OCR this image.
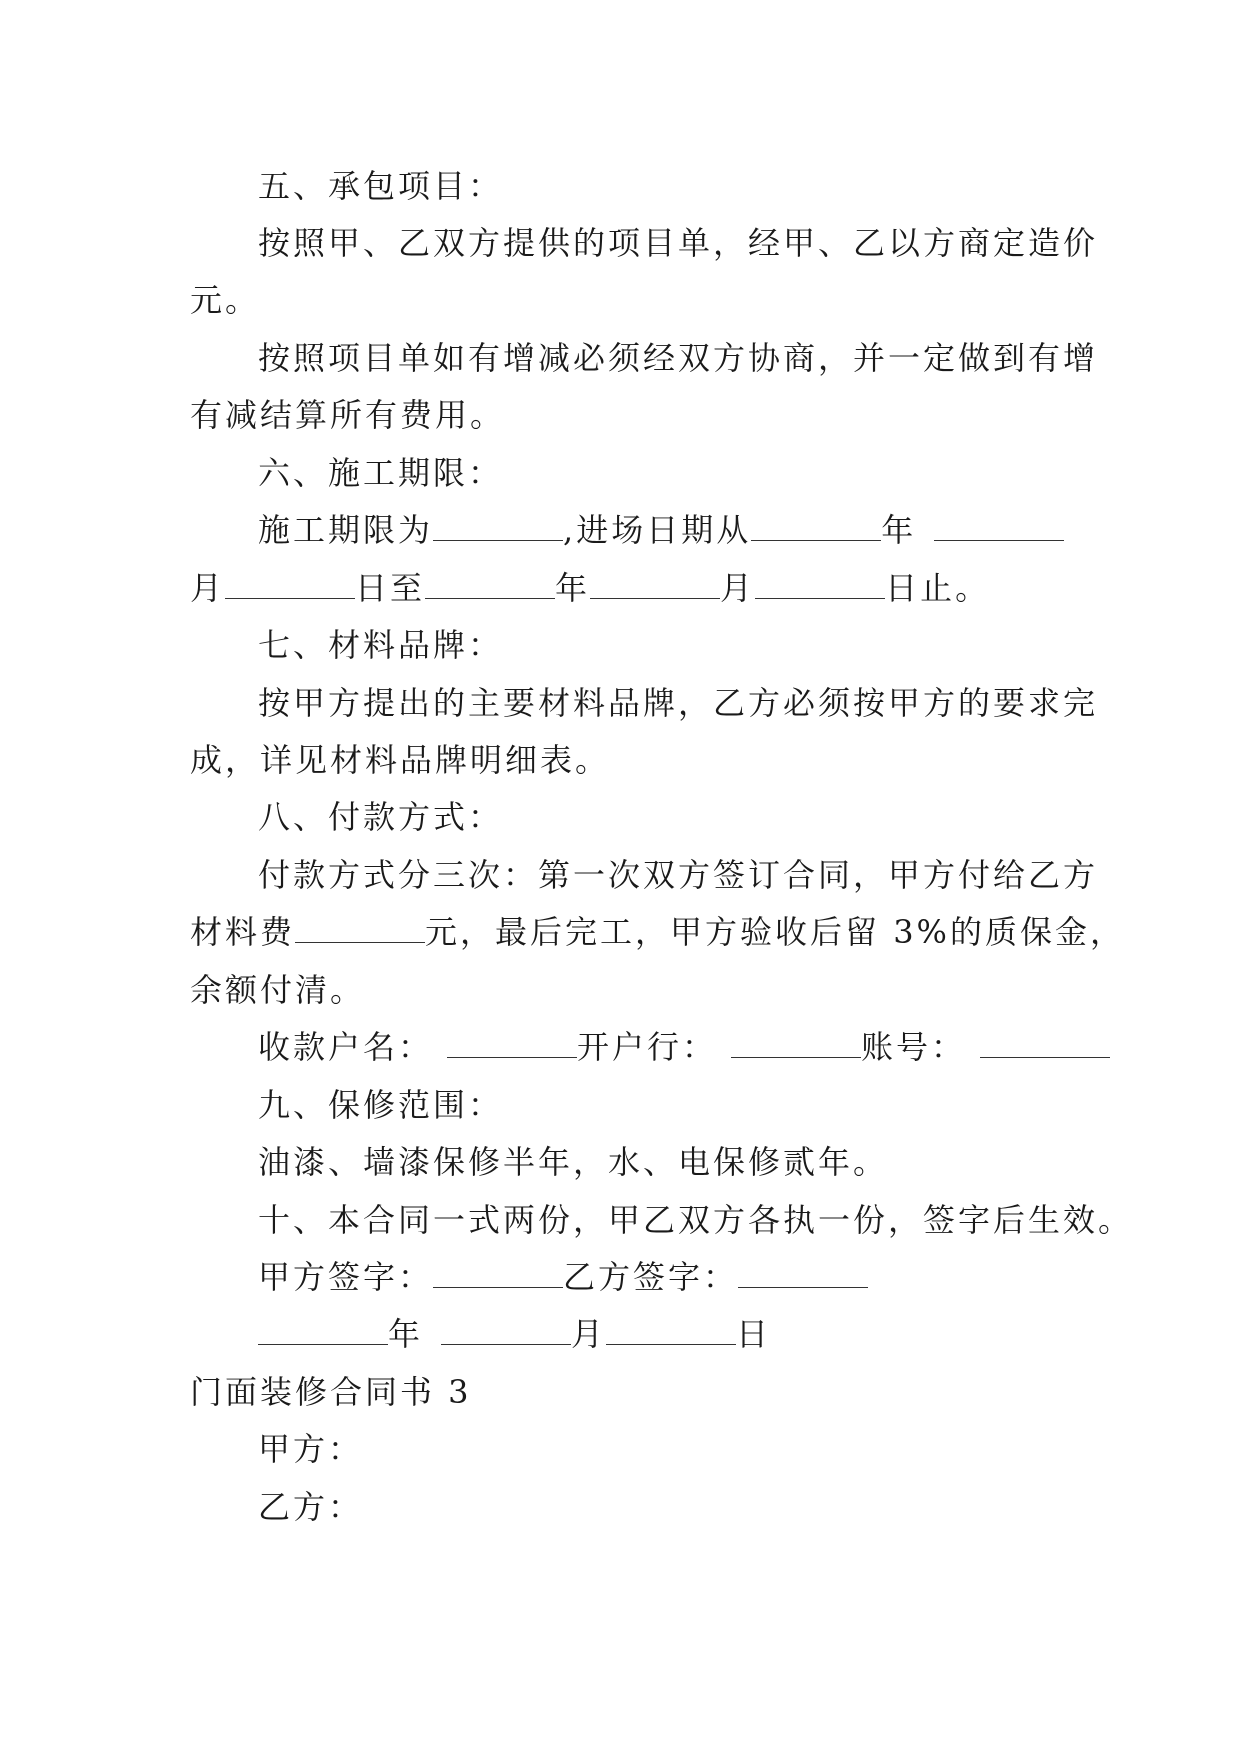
五、承包项目：
按照甲、乙双方提供的项目单，经甲、乙以方商定造价
元。
按照项目单如有增减必须经双方协商，并一定做到有增
有减结算所有费用。
六、施工期限：
施工期限为	,进场日期从	年
月	日至	年	月	日止。
七、材料品牌：
按甲方提出的主要材料品牌，乙方必须按甲方的要求完
成，详见材料品牌明细表。
八、付款方式：
付款方式分三次：第一次双方签订合同，甲方付给乙方
材料费	元，最后完工，甲方验收后留 3%的质保金，
余额付清。
收款户名：	开户行：	账号：
九、保修范围：
油漆、墙漆保修半年，水、电保修贰年。
十、本合同一式两份，甲乙双方各执一份，签字后生效。
甲方签字：	乙方签字：
年	月	日
门面装修合同书 3
甲方：
乙方：
